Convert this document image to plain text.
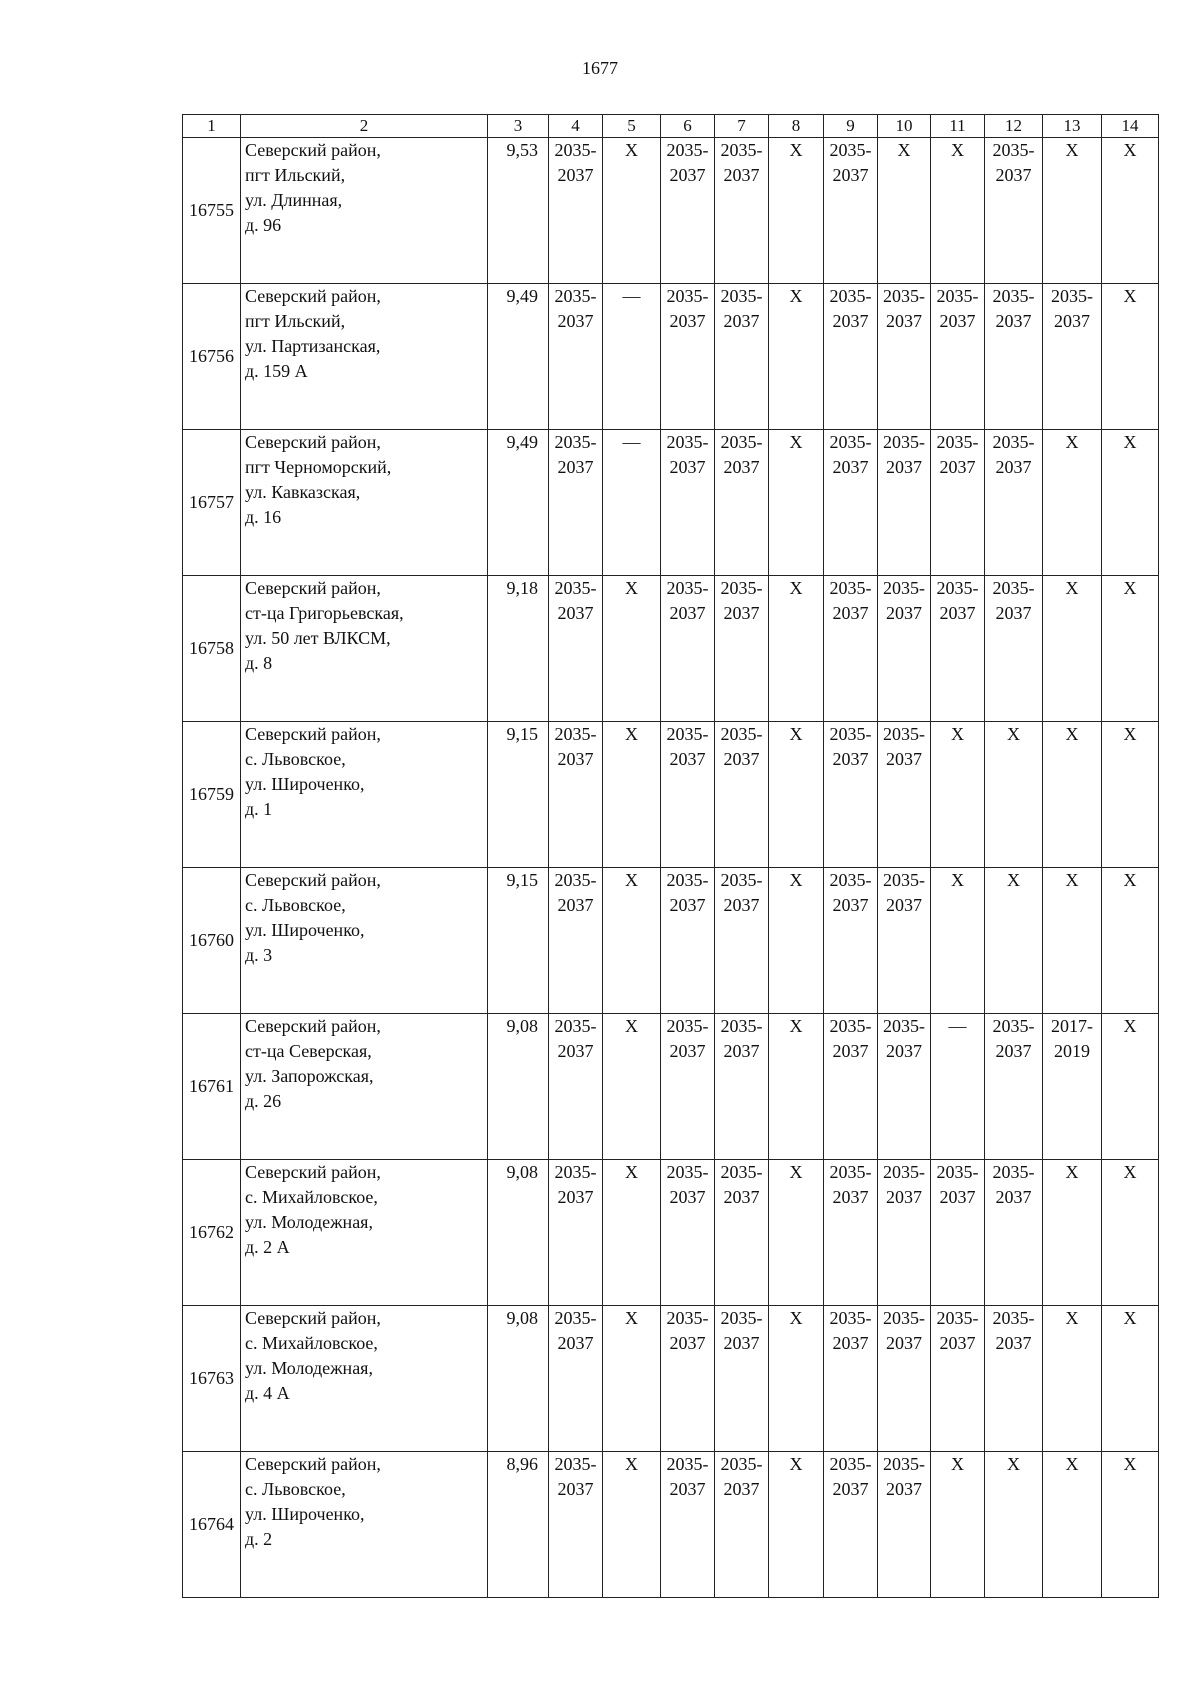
1677
1	2	3	4	5	6	7	8	9	10	11	12	13	14
16755	Северский район,
пгт Ильский,
ул. Длинная,
д. 96	9,53	2035-
2037	Х	2035-
2037	2035-
2037	Х	2035-
2037	Х	Х	2035-
2037	Х	Х

16756	Северский район,
пгт Ильский,
ул. Партизанская,
д. 159 А	9,49	2035-
2037	—	2035-
2037	2035-
2037	Х	2035-
2037	2035-
2037	2035-
2037	2035-
2037	2035-
2037	Х

16757	Северский район,
пгт Черноморский,
ул. Кавказская,
д. 16	9,49	2035-
2037	—	2035-
2037	2035-
2037	Х	2035-
2037	2035-
2037	2035-
2037	2035-
2037	Х	Х

16758	Северский район,
ст-ца Григорьевская,
ул. 50 лет ВЛКСМ,
д. 8	9,18	2035-
2037	Х	2035-
2037	2035-
2037	Х	2035-
2037	2035-
2037	2035-
2037	2035-
2037	Х	Х

16759	Северский район,
с. Львовское,
ул. Широченко,
д. 1	9,15	2035-
2037	Х	2035-
2037	2035-
2037	Х	2035-
2037	2035-
2037	Х	Х	Х	Х

16760	Северский район,
с. Львовское,
ул. Широченко,
д. 3	9,15	2035-
2037	Х	2035-
2037	2035-
2037	Х	2035-
2037	2035-
2037	Х	Х	Х	Х

16761	Северский район,
ст-ца Северская,
ул. Запорожская,
д. 26	9,08	2035-
2037	Х	2035-
2037	2035-
2037	Х	2035-
2037	2035-
2037	—	2035-
2037	2017-
2019	Х

16762	Северский район,
с. Михайловское,
ул. Молодежная,
д. 2 А	9,08	2035-
2037	Х	2035-
2037	2035-
2037	Х	2035-
2037	2035-
2037	2035-
2037	2035-
2037	Х	Х

16763	Северский район,
с. Михайловское,
ул. Молодежная,
д. 4 А	9,08	2035-
2037	Х	2035-
2037	2035-
2037	Х	2035-
2037	2035-
2037	2035-
2037	2035-
2037	Х	Х

16764	Северский район,
с. Львовское,
ул. Широченко,
д. 2	8,96	2035-
2037	Х	2035-
2037	2035-
2037	Х	2035-
2037	2035-
2037	Х	Х	Х	Х
